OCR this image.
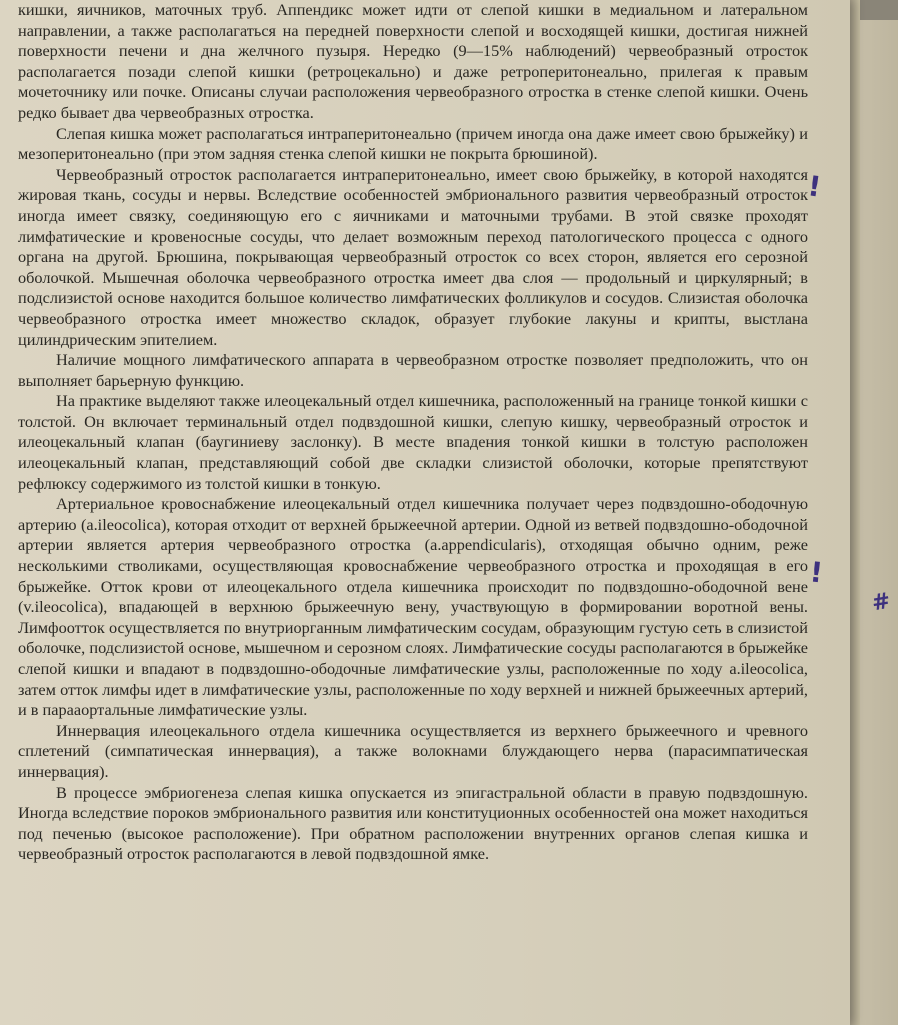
кишки, яичников, маточных труб. Аппендикс может идти от слепой кишки в медиальном и латеральном направлении, а также располагаться на передней поверхности слепой и восходящей кишки, достигая нижней поверхности печени и дна желчного пузыря. Нередко (9—15% наблюдений) червеобразный отросток располагается позади слепой кишки (ретроцекально) и даже ретроперитонеально, прилегая к правым мочеточнику или почке. Описаны случаи расположения червеобразного отростка в стенке слепой кишки. Очень редко бывает два червеобразных отростка.

Слепая кишка может располагаться интраперитонеально (причем иногда она даже имеет свою брыжейку) и мезоперитонеально (при этом задняя стенка слепой кишки не покрыта брюшиной).

Червеобразный отросток располагается интраперитонеально, имеет свою брыжейку, в которой находятся жировая ткань, сосуды и нервы. Вследствие особенностей эмбрионального развития червеобразный отросток иногда имеет связку, соединяющую его с яичниками и маточными трубами. В этой связке проходят лимфатические и кровеносные сосуды, что делает возможным переход патологического процесса с одного органа на другой. Брюшина, покрывающая червеобразный отросток со всех сторон, является его серозной оболочкой. Мышечная оболочка червеобразного отростка имеет два слоя — продольный и циркулярный; в подслизистой основе находится большое количество лимфатических фолликулов и сосудов. Слизистая оболочка червеобразного отростка имеет множество складок, образует глубокие лакуны и крипты, выстлана цилиндрическим эпителием.

Наличие мощного лимфатического аппарата в червеобразном отростке позволяет предположить, что он выполняет барьерную функцию.

На практике выделяют также илеоцекальный отдел кишечника, расположенный на границе тонкой кишки с толстой. Он включает терминальный отдел подвздошной кишки, слепую кишку, червеобразный отросток и илеоцекальный клапан (баугиниеву заслонку). В месте впадения тонкой кишки в толстую расположен илеоцекальный клапан, представляющий собой две складки слизистой оболочки, которые препятствуют рефлюксу содержимого из толстой кишки в тонкую.

Артериальное кровоснабжение илеоцекальный отдел кишечника получает через подвздошно-ободочную артерию (a.ileocolica), которая отходит от верхней брыжеечной артерии. Одной из ветвей подвздошно-ободочной артерии является артерия червеобразного отростка (a.appendicularis), отходящая обычно одним, реже несколькими стволиками, осуществляющая кровоснабжение червеобразного отростка и проходящая в его брыжейке. Отток крови от илеоцекального отдела кишечника происходит по подвздошно-ободочной вене (v.ileocolica), впадающей в верхнюю брыжеечную вену, участвующую в формировании воротной вены. Лимфоотток осуществляется по внутриорганным лимфатическим сосудам, образующим густую сеть в слизистой оболочке, подслизистой основе, мышечном и серозном слоях. Лимфатические сосуды располагаются в брыжейке слепой кишки и впадают в подвздошно-ободочные лимфатические узлы, расположенные по ходу a.ileocolica, затем отток лимфы идет в лимфатические узлы, расположенные по ходу верхней и нижней брыжеечных артерий, и в парааортальные лимфатические узлы.

Иннервация илеоцекального отдела кишечника осуществляется из верхнего брыжеечного и чревного сплетений (симпатическая иннервация), а также волокнами блуждающего нерва (парасимпатическая иннервация).

В процессе эмбриогенеза слепая кишка опускается из эпигастральной области в правую подвздошную. Иногда вследствие пороков эмбрионального развития или конституционных особенностей она может находиться под печенью (высокое расположение). При обратном расположении внутренних органов слепая кишка и червеобразный отросток располагаются в левой подвздошной ямке.

!
!
#
